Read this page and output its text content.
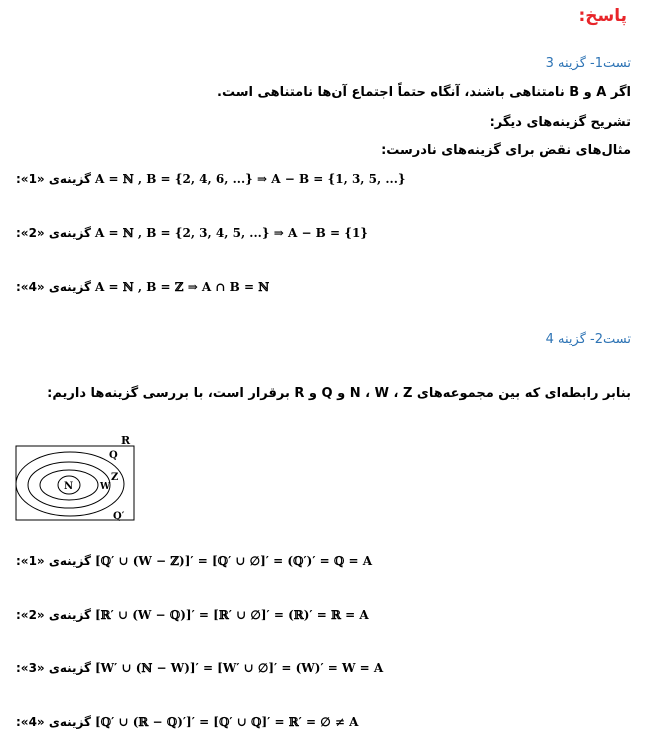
پاسخ:
تست1- گزینه 3
اگر A و B نامتناهی باشند، آنگاه حتماً اجتماع آن‌ها نامتناهی است.
تشریح گزینه‌های دیگر:
مثال‌های نقض برای گزینه‌های نادرست:
گزینه‌ی «1»: A = ℕ , B = {2, 4, 6, ...} ⇒ A − B = {1, 3, 5, ...}
گزینه‌ی «2»: A = ℕ , B = {2, 3, 4, 5, ...} ⇒ A − B = {1}
گزینه‌ی «4»: A = ℕ , B = ℤ ⇒ A ∩ B = ℕ
تست2- گزینه 4
بنابر رابطه‌ای که بین مجموعه‌های N ، W ، Z و Q و R برقرار است، با بررسی گزینه‌ها داریم:
R
Q
Z
W
N
Q′
گزینه‌ی «1»: [ℚ′ ∪ (W − ℤ)]′ = [ℚ′ ∪ ∅]′ = (ℚ′)′ = ℚ = A
گزینه‌ی «2»: [ℝ′ ∪ (W − ℚ)]′ = [ℝ′ ∪ ∅]′ = (ℝ)′ = ℝ = A
گزینه‌ی «3»: [W′ ∪ (ℕ − W)]′ = [W′ ∪ ∅]′ = (W)′ = W = A
گزینه‌ی «4»: [ℚ′ ∪ (ℝ − ℚ)′]′ = [ℚ′ ∪ ℚ]′ = ℝ′ = ∅ ≠ A
